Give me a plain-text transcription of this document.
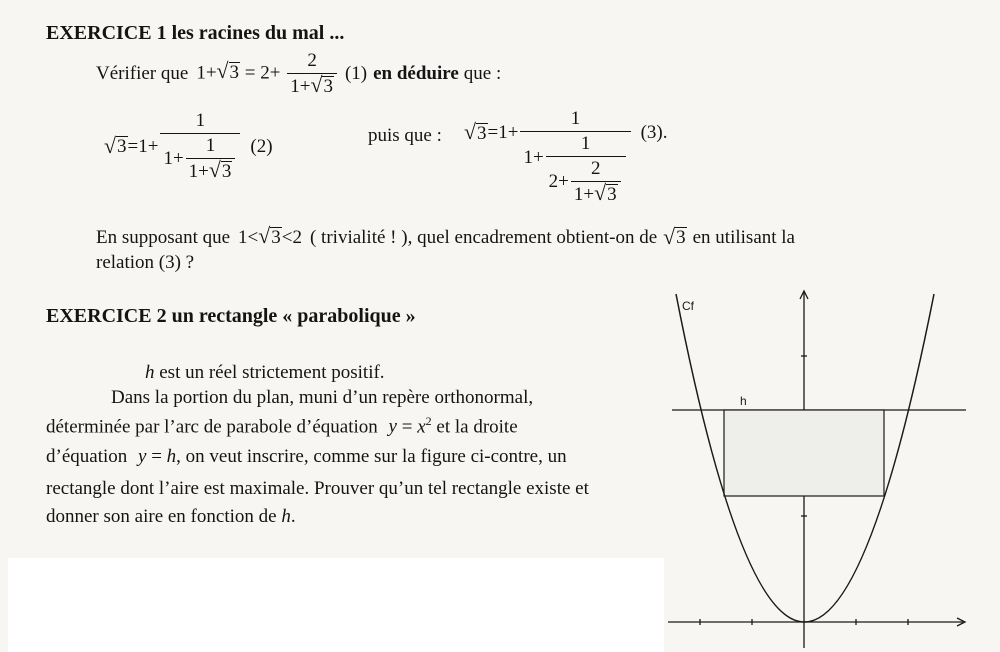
EXERCICE 1 les racines du mal ...
Vérifier que 1+ √ $3 = 2+ \frac{2}{1+ √ 3} (1)$ en déduire que :
√ $3 = 1 + \frac{1}{1 + \frac{1}{1+ √ 3}} (2)$	puis que : √ 3 = 1 +
1
$1 + \frac{1}{2 + \frac{2}{1+ √ 3}}$
(3).
En supposant que 1< √ 3 <2 ( trivialité ! ), quel encadrement obtient-on de √ 3 en utilisant la
relation (3) ?
EXERCICE 2 un rectangle « parabolique »
h est un réel strictement positif.
Dans la portion du plan, muni d’un repère orthonormal,
déterminée par l’arc de parabole d’équation $y = x^2$ et la droite
d’équation y = h, on veut inscrire, comme sur la figure ci-contre, un
rectangle dont l’aire est maximale. Prouver qu’un tel rectangle existe et
donner son aire en fonction de h.
Cf
h
